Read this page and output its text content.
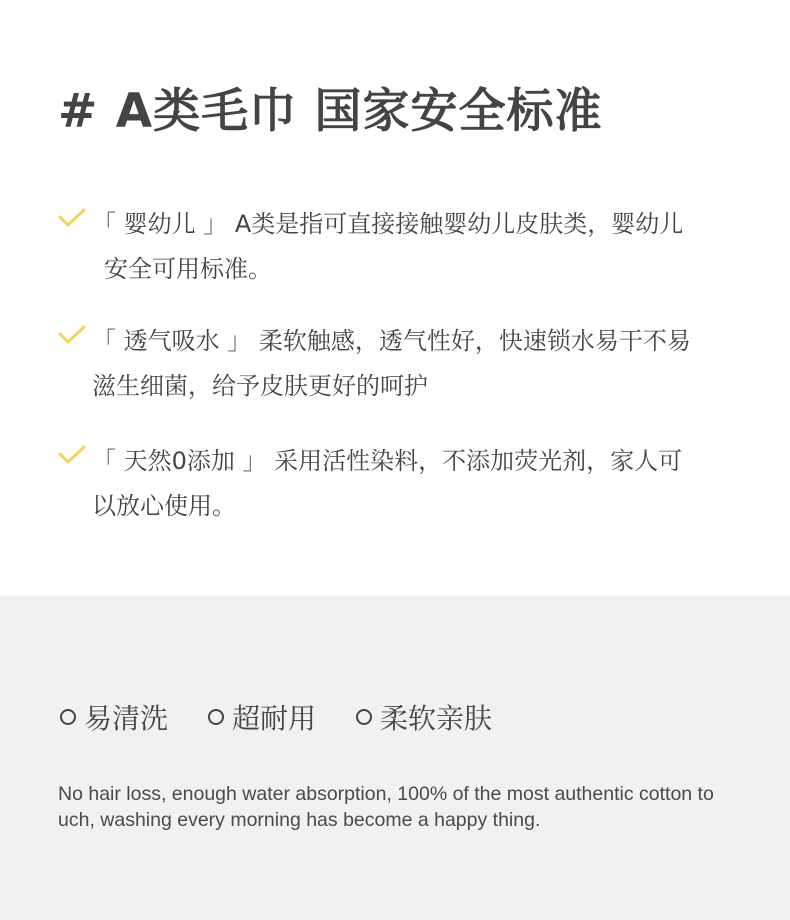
# A类毛巾 国家安全标准
「 婴幼儿 」 A类是指可直接接触婴幼儿皮肤类，婴幼儿
安全可用标准。
「 透气吸水 」 柔软触感，透气性好，快速锁水易干不易
滋生细菌，给予皮肤更好的呵护
「 天然0添加 」 采用活性染料，不添加荧光剂，家人可
以放心使用。
易清洗 超耐用 柔软亲肤
No hair loss, enough water absorption, 100% of the most authentic cotton to
uch, washing every morning has become a happy thing.
